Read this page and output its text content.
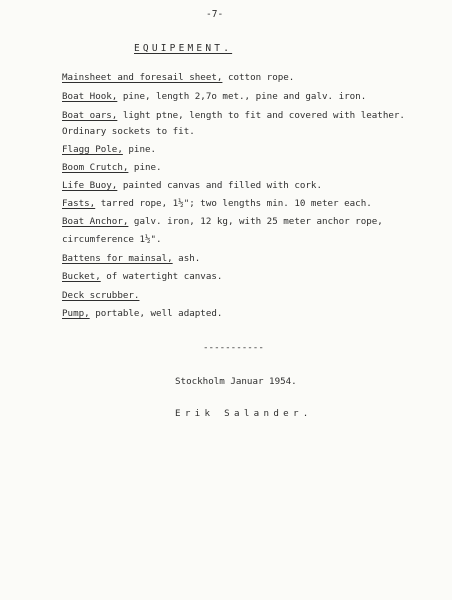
-7-
EQUIPEMENT.
Mainsheet and foresail sheet, cotton rope.
Boat Hook, pine, length 2,7o met., pine and galv. iron.
Boat oars, light ptne, length to fit and covered with leather.
Ordinary sockets to fit.
Flagg Pole, pine.
Boom Crutch, pine.
Life Buoy, painted canvas and filled with cork.
Fasts, tarred rope, 1½"; two lengths min. 10 meter each.
Boat Anchor, galv. iron, 12 kg, with 25 meter anchor rope,
circumference 1½".
Battens for mainsal, ash.
Bucket, of watertight canvas.
Deck scrubber.
Pump, portable, well adapted.
-----------
Stockholm Januar 1954.
Erik Salander.
